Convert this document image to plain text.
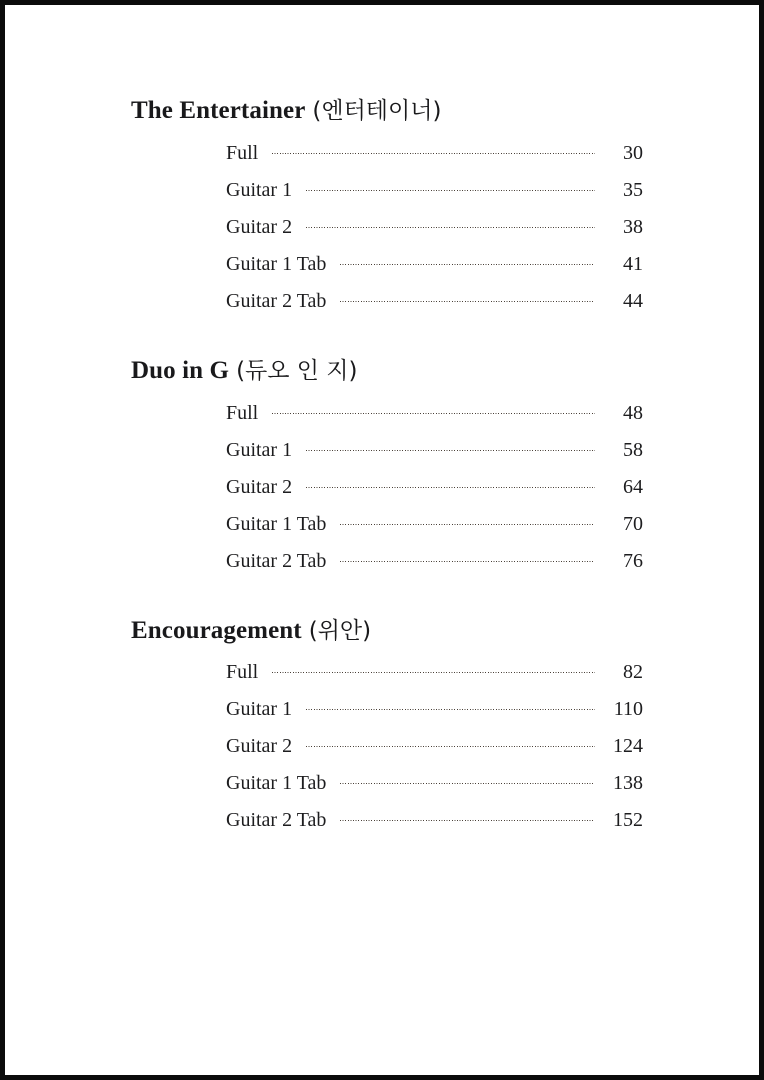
The Entertainer (엔터테이너)
Full	30
Guitar 1	35
Guitar 2	38
Guitar 1 Tab	41
Guitar 2 Tab	44
Duo in G (듀오 인 지)
Full	48
Guitar 1	58
Guitar 2	64
Guitar 1 Tab	70
Guitar 2 Tab	76
Encouragement (위안)
Full	82
Guitar 1	110
Guitar 2	124
Guitar 1 Tab	138
Guitar 2 Tab	152
